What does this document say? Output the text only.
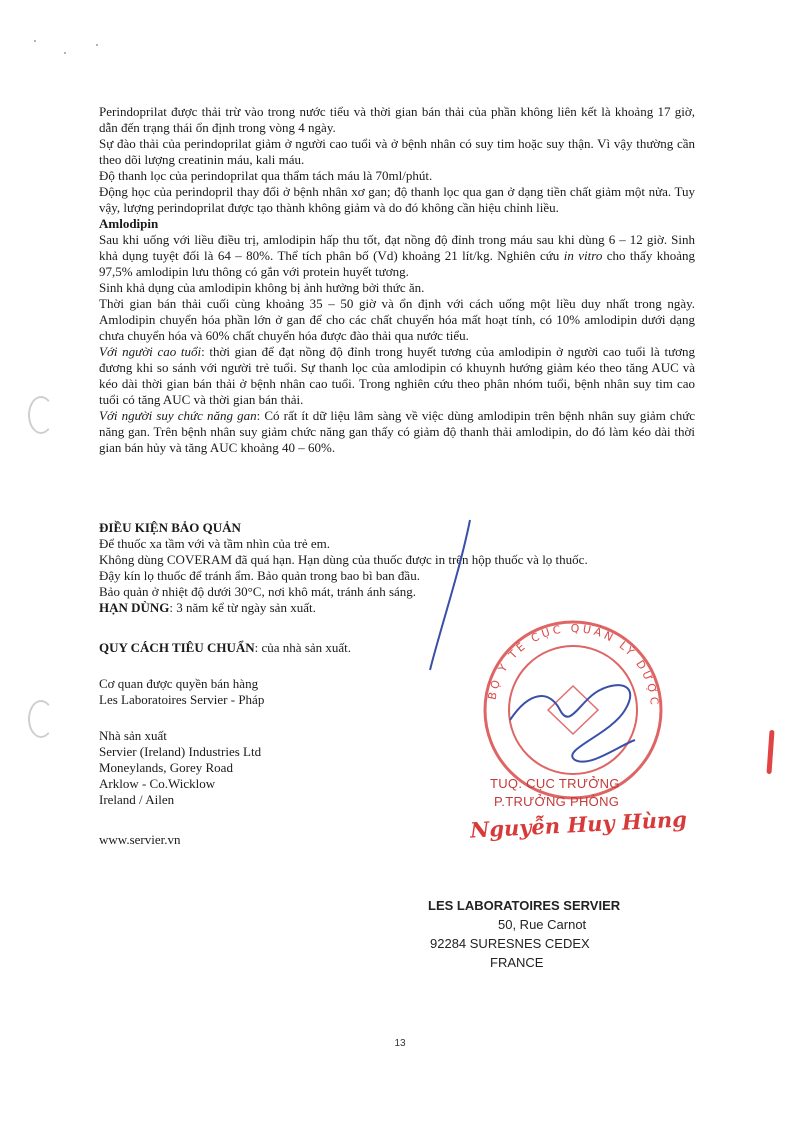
Perindoprilat được thải trừ vào trong nước tiểu và thời gian bán thải của phần không liên kết là khoảng 17 giờ, dẫn đến trạng thái ổn định trong vòng 4 ngày.

Sự đào thải của perindoprilat giảm ở người cao tuổi và ở bệnh nhân có suy tim hoặc suy thận. Vì vậy thường cần theo dõi lượng creatinin máu, kali máu.

Độ thanh lọc của perindoprilat qua thẩm tách máu là 70ml/phút.

Động học của perindopril thay đổi ở bệnh nhân xơ gan; độ thanh lọc qua gan ở dạng tiền chất giảm một nửa. Tuy vậy, lượng perindoprilat được tạo thành không giảm và do đó không cần hiệu chỉnh liều.

Amlodipin

Sau khi uống với liều điều trị, amlodipin hấp thu tốt, đạt nồng độ đỉnh trong máu sau khi dùng 6 – 12 giờ. Sinh khả dụng tuyệt đối là 64 – 80%. Thể tích phân bố (Vd) khoảng 21 lít/kg. Nghiên cứu in vitro cho thấy khoảng 97,5% amlodipin lưu thông có gắn với protein huyết tương.

Sinh khả dụng của amlodipin không bị ảnh hưởng bởi thức ăn.

Thời gian bán thải cuối cùng khoảng 35 – 50 giờ và ổn định với cách uống một liều duy nhất trong ngày. Amlodipin chuyển hóa phần lớn ở gan để cho các chất chuyển hóa mất hoạt tính, có 10% amlodipin dưới dạng chưa chuyển hóa và 60% chất chuyển hóa được đào thải qua nước tiểu.

Với người cao tuổi: thời gian để đạt nồng độ đỉnh trong huyết tương của amlodipin ở người cao tuổi là tương đương khi so sánh với người trẻ tuổi. Sự thanh lọc của amlodipin có khuynh hướng giảm kéo theo tăng AUC và kéo dài thời gian bán thải ở bệnh nhân cao tuổi. Trong nghiên cứu theo phân nhóm tuổi, bệnh nhân suy tim cao tuổi có tăng AUC và thời gian bán thải.

Với người suy chức năng gan: Có rất ít dữ liệu lâm sàng về việc dùng amlodipin trên bệnh nhân suy giảm chức năng gan. Trên bệnh nhân suy giảm chức năng gan thấy có giảm độ thanh thải amlodipin, do đó làm kéo dài thời gian bán hủy và tăng AUC khoảng 40 – 60%.

ĐIỀU KIỆN BẢO QUẢN
Để thuốc xa tầm với và tầm nhìn của trẻ em.
Không dùng COVERAM đã quá hạn. Hạn dùng của thuốc được in trên hộp thuốc và lọ thuốc.
Đậy kín lọ thuốc để tránh ẩm. Bảo quản trong bao bì ban đầu.
Bảo quản ở nhiệt độ dưới 30°C, nơi khô mát, tránh ánh sáng.
HẠN DÙNG: 3 năm kể từ ngày sản xuất.
QUY CÁCH TIÊU CHUẨN: của nhà sản xuất.
Cơ quan được quyền bán hàng
Les Laboratoires Servier - Pháp
Nhà sản xuất
Servier (Ireland) Industries Ltd
Moneylands, Gorey Road
Arklow - Co.Wicklow
Ireland / Ailen
www.servier.vn
BỘ Y TẾ CỤC QUẢN LÝ DƯỢC
TUQ. CỤC TRƯỞNG
P.TRƯỞNG PHÒNG
Nguyễn Huy Hùng
LES LABORATOIRES SERVIER
50, Rue Carnot
92284 SURESNES CEDEX
FRANCE
13
